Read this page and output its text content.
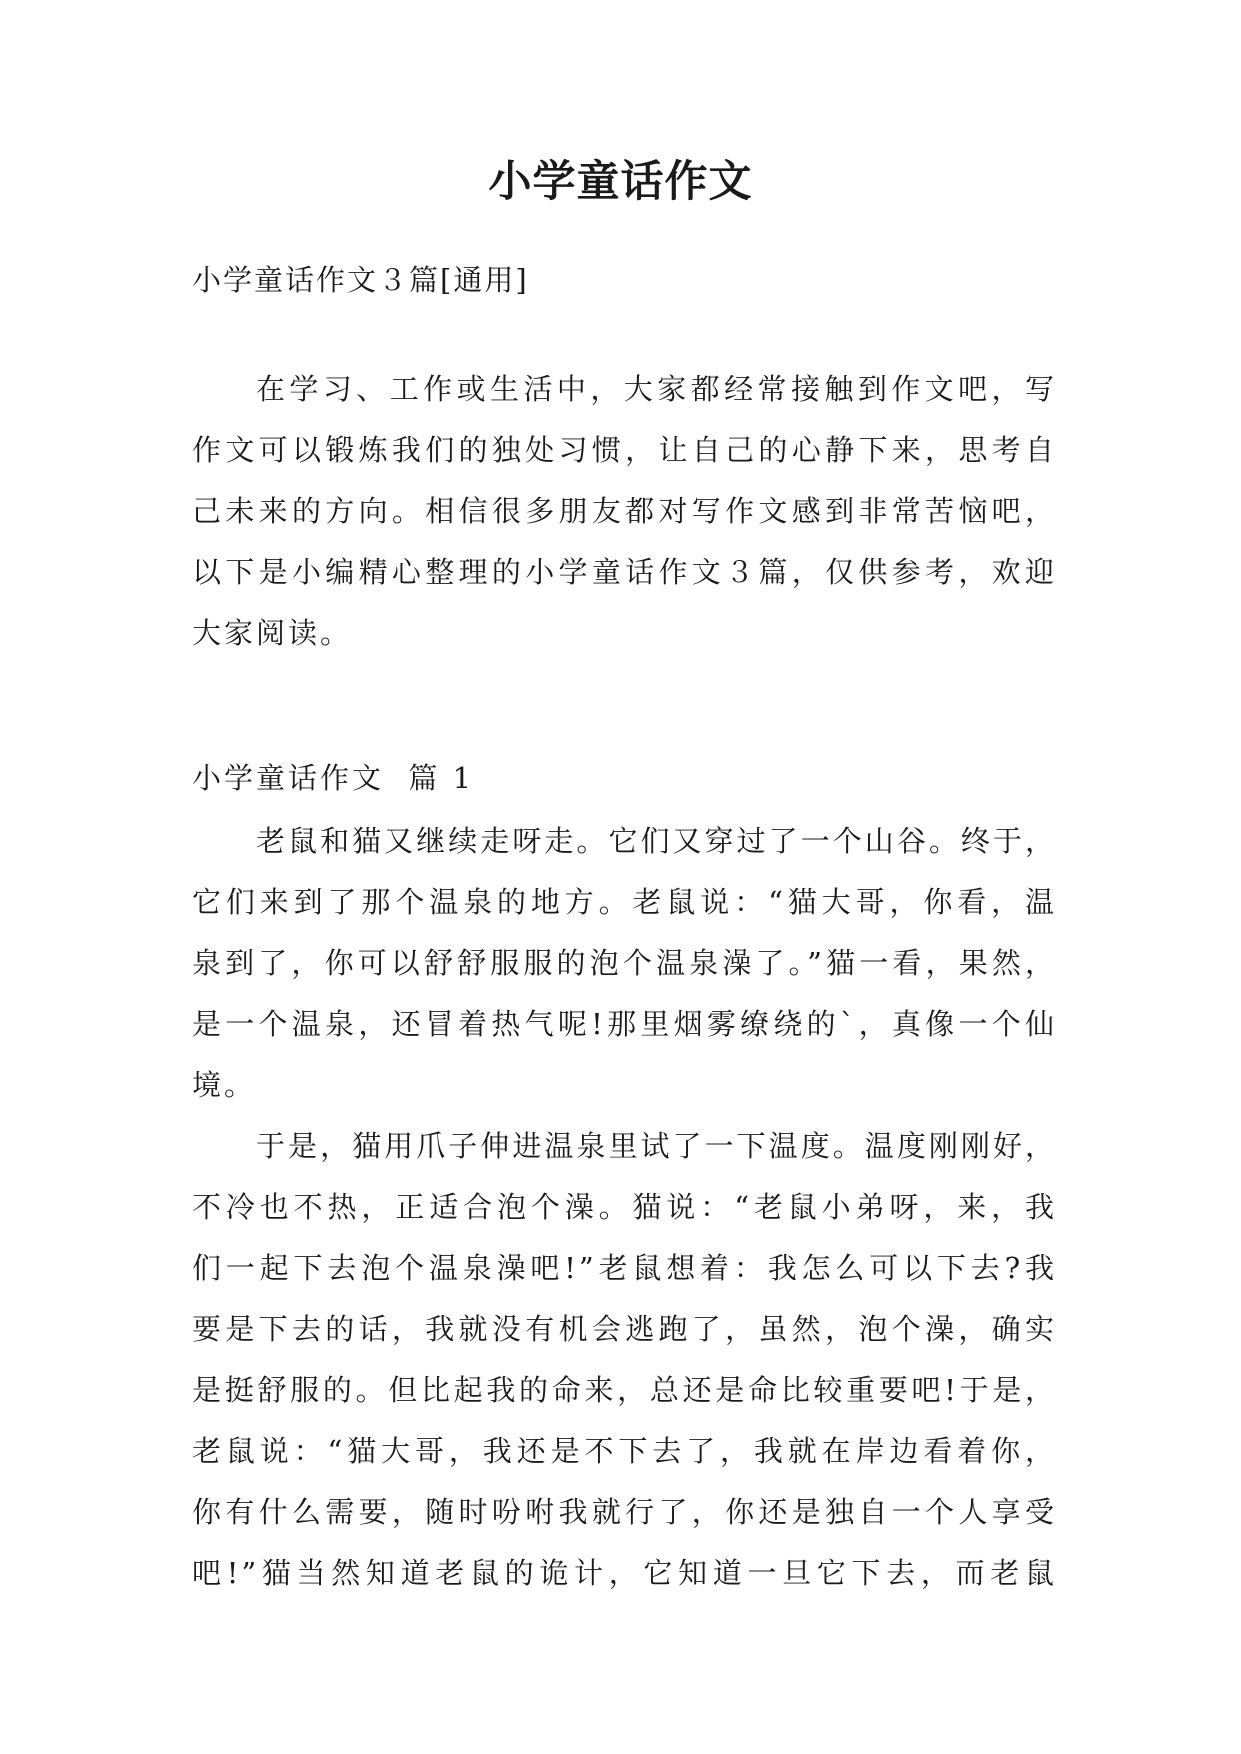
小学童话作文

小学童话作文３篇[通用]

在学习、工作或生活中，大家都经常接触到作文吧，写
作文可以锻炼我们的独处习惯，让自己的心静下来，思考自
己未来的方向。相信很多朋友都对写作文感到非常苦恼吧，
以下是小编精心整理的小学童话作文３篇，仅供参考，欢迎
大家阅读。

小学童话作文  篇 1

老鼠和猫又继续走呀走。它们又穿过了一个山谷。终于，
它们来到了那个温泉的地方。老鼠说：“猫大哥，你看，温
泉到了，你可以舒舒服服的泡个温泉澡了。”猫一看，果然，
是一个温泉，还冒着热气呢!那里烟雾缭绕的`，真像一个仙
境。
于是，猫用爪子伸进温泉里试了一下温度。温度刚刚好，
不冷也不热，正适合泡个澡。猫说：“老鼠小弟呀，来，我
们一起下去泡个温泉澡吧!”老鼠想着：我怎么可以下去?我
要是下去的话，我就没有机会逃跑了，虽然，泡个澡，确实
是挺舒服的。但比起我的命来，总还是命比较重要吧!于是，
老鼠说：“猫大哥，我还是不下去了，我就在岸边看着你，
你有什么需要，随时吩咐我就行了，你还是独自一个人享受
吧!”猫当然知道老鼠的诡计，它知道一旦它下去，而老鼠
